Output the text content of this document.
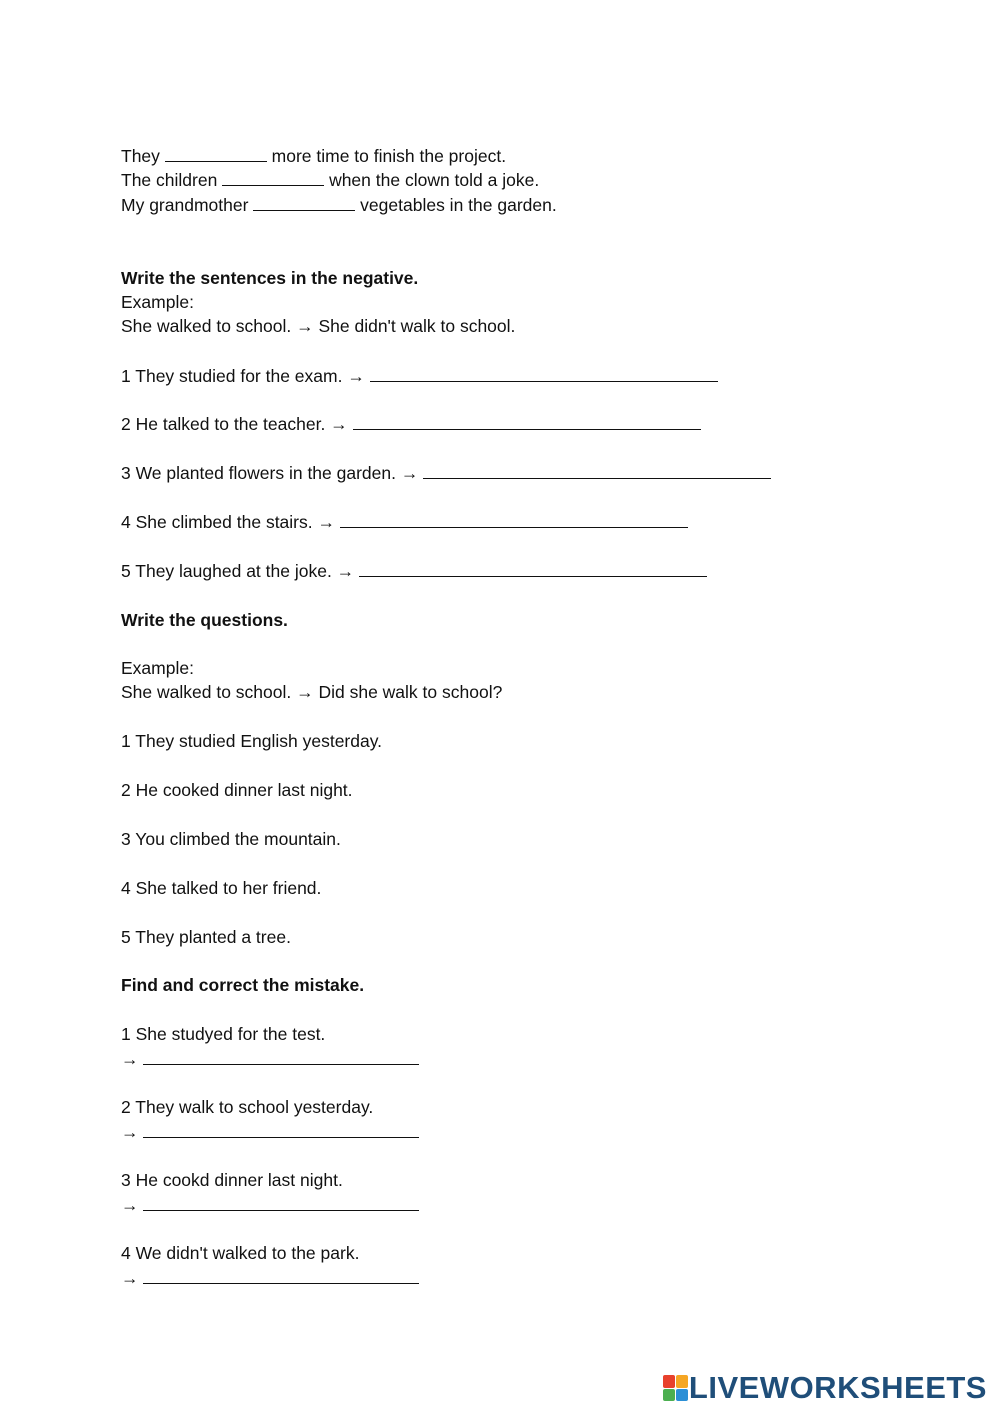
They	more time to finish the project.
The children	when the clown told a joke.
My grandmother	vegetables in the garden.
Write the sentences in the negative.
Example:
She walked to school. → She didn't walk to school.
1 They studied for the exam. →
2 He talked to the teacher. →
3 We planted flowers in the garden. →
4 She climbed the stairs. →
5 They laughed at the joke. →
Write the questions.
Example:
She walked to school. → Did she walk to school?
1 They studied English yesterday.
2 He cooked dinner last night.
3 You climbed the mountain.
4 She talked to her friend.
5 They planted a tree.
Find and correct the mistake.
1 She studyed for the test.
→
2 They walk to school yesterday.
→
3 He cookd dinner last night.
→
4 We didn't walked to the park.
→
LIVEWORKSHEETS
